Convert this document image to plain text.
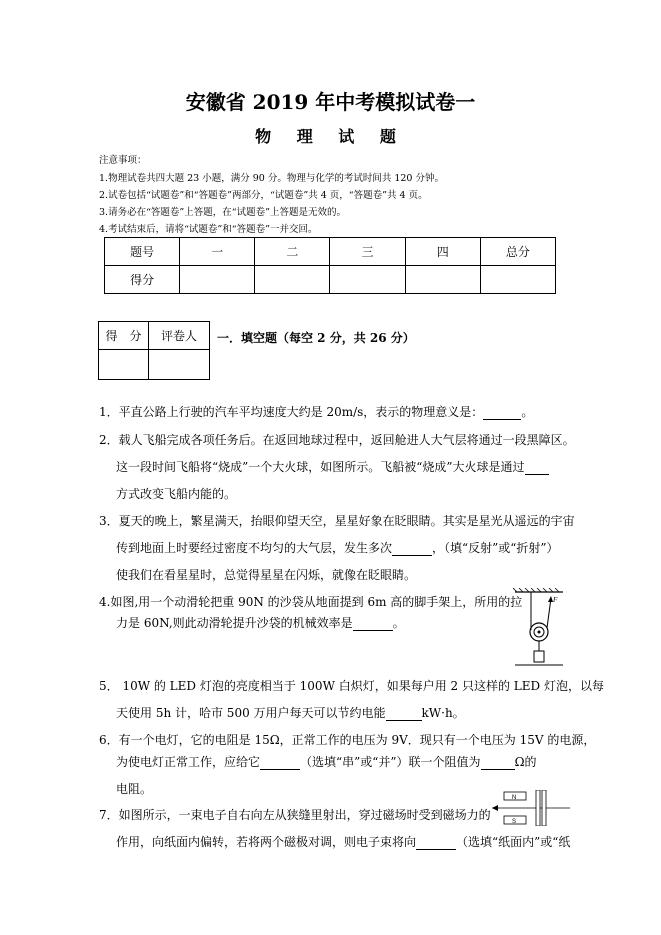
安徽省 2019 年中考模拟试卷一
物 理 试 题
注意事项：
1.物理试卷共四大题 23 小题，满分 90 分。物理与化学的考试时间共 120 分钟。
2.试卷包括“试题卷”和“答题卷”两部分，“试题卷”共 4 页，“答题卷”共 4 页。
3.请务必在“答题卷”上答题，在“试题卷”上答题是无效的。
4.考试结束后，请将“试题卷”和“答题卷”一并交回。
题号	一	二	三	四	总分
得分					
得　分	评卷人
	一．填空题（每空 2 分，共 26 分）
1．平直公路上行驶的汽车平均速度大约是 20m/s，表示的物理意义是：	。
2．载人飞船完成各项任务后。在返回地球过程中，返回舱进人大气层将通过一段黑障区。
这一段时间飞船将“烧成”一个大火球，如图所示。飞船被“烧成”大火球是通过
方式改变飞船内能的。
3．夏天的晚上，繁星满天，抬眼仰望天空，星星好象在眨眼睛。其实是星光从遥远的宇宙
传到地面上时要经过密度不均匀的大气层，发生多次	，（填“反射”或“折射”）
使我们在看星星时，总觉得星星在闪烁，就像在眨眼睛。
4.如图,用一个动滑轮把重 90N 的沙袋从地面提到 6m 高的脚手架上，所用的拉
力是 60N,则此动滑轮提升沙袋的机械效率是	。
F
5． 10W 的 LED 灯泡的亮度相当于 100W 白炽灯，如果每户用 2 只这样的 LED 灯泡，以每
天使用 5h 计，哈市 500 万用户每天可以节约电能	kW·h。
6．有一个电灯，它的电阻是 15Ω，正常工作的电压为 9V．现只有一个电压为 15V 的电源，
为使电灯正常工作，应给它	（选填“串”或“并”）联一个阻值为	Ω的
电阻。
7．如图所示，一束电子自右向左从狭缝里射出，穿过磁场时受到磁场力的
作用，向纸面内偏转，若将两个磁极对调，则电子束将向	（选填“纸面内”或“纸
N
S
